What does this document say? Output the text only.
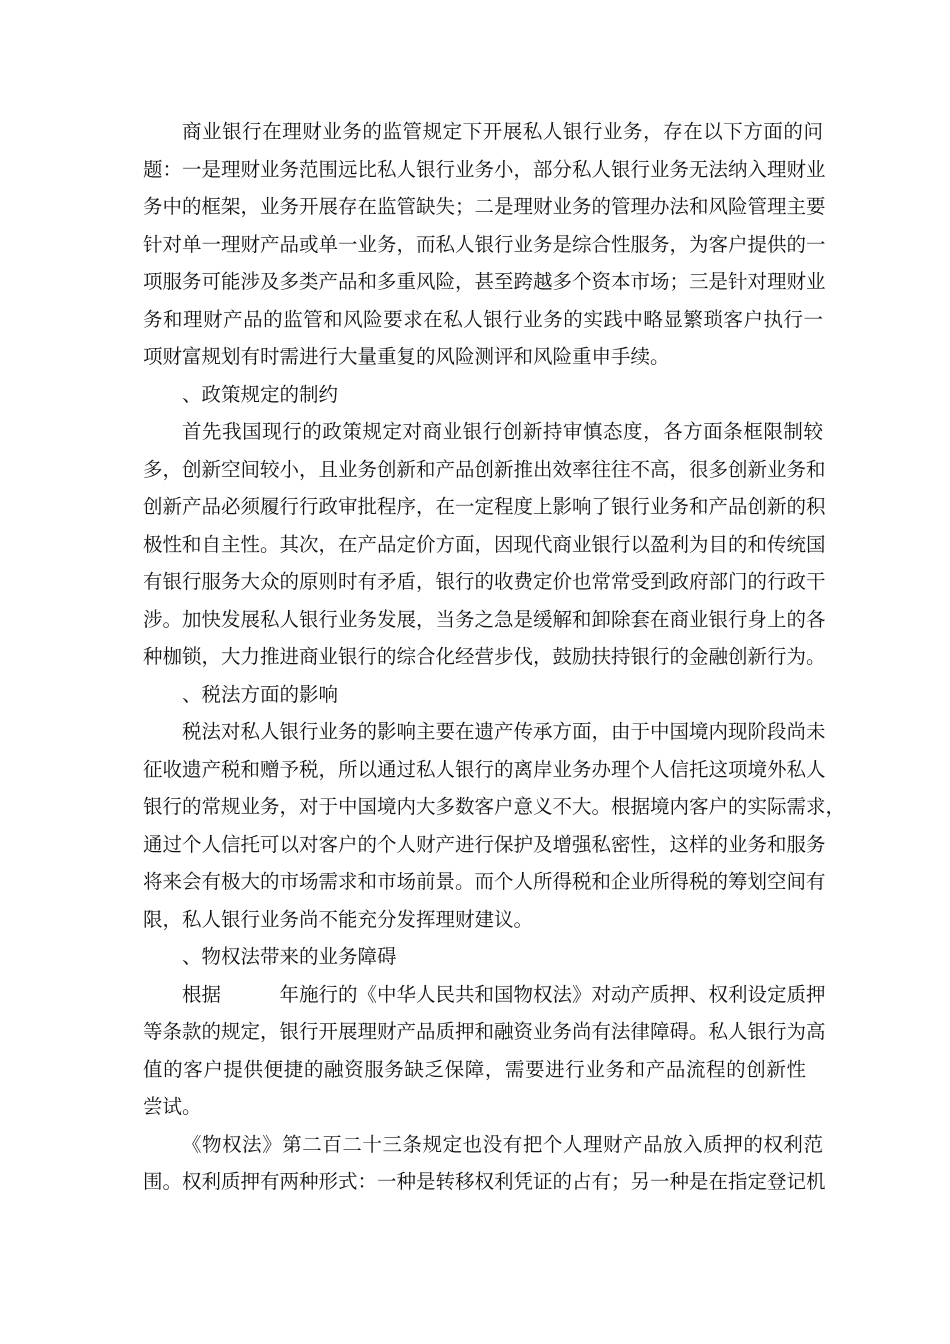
商业银行在理财业务的监管规定下开展私人银行业务，存在以下方面的问
题：一是理财业务范围远比私人银行业务小，部分私人银行业务无法纳入理财业
务中的框架，业务开展存在监管缺失；二是理财业务的管理办法和风险管理主要
针对单一理财产品或单一业务，而私人银行业务是综合性服务，为客户提供的一
项服务可能涉及多类产品和多重风险，甚至跨越多个资本市场；三是针对理财业
务和理财产品的监管和风险要求在私人银行业务的实践中略显繁琐客户执行一
项财富规划有时需进行大量重复的风险测评和风险重申手续。
、政策规定的制约
首先我国现行的政策规定对商业银行创新持审慎态度，各方面条框限制较
多，创新空间较小，且业务创新和产品创新推出效率往往不高，很多创新业务和
创新产品必须履行行政审批程序，在一定程度上影响了银行业务和产品创新的积
极性和自主性。其次，在产品定价方面，因现代商业银行以盈利为目的和传统国
有银行服务大众的原则时有矛盾，银行的收费定价也常常受到政府部门的行政干
涉。加快发展私人银行业务发展，当务之急是缓解和卸除套在商业银行身上的各
种枷锁，大力推进商业银行的综合化经营步伐，鼓励扶持银行的金融创新行为。
、税法方面的影响
税法对私人银行业务的影响主要在遗产传承方面，由于中国境内现阶段尚未
征收遗产税和赠予税，所以通过私人银行的离岸业务办理个人信托这项境外私人
银行的常规业务，对于中国境内大多数客户意义不大。根据境内客户的实际需求，
通过个人信托可以对客户的个人财产进行保护及增强私密性，这样的业务和服务
将来会有极大的市场需求和市场前景。而个人所得税和企业所得税的筹划空间有
限，私人银行业务尚不能充分发挥理财建议。
、物权法带来的业务障碍
根据　　　年施行的《中华人民共和国物权法》对动产质押、权利设定质押
等条款的规定，银行开展理财产品质押和融资业务尚有法律障碍。私人银行为高
值的客户提供便捷的融资服务缺乏保障，需要进行业务和产品流程的创新性
尝试。
《物权法》第二百二十三条规定也没有把个人理财产品放入质押的权利范
围。权利质押有两种形式：一种是转移权利凭证的占有；另一种是在指定登记机
